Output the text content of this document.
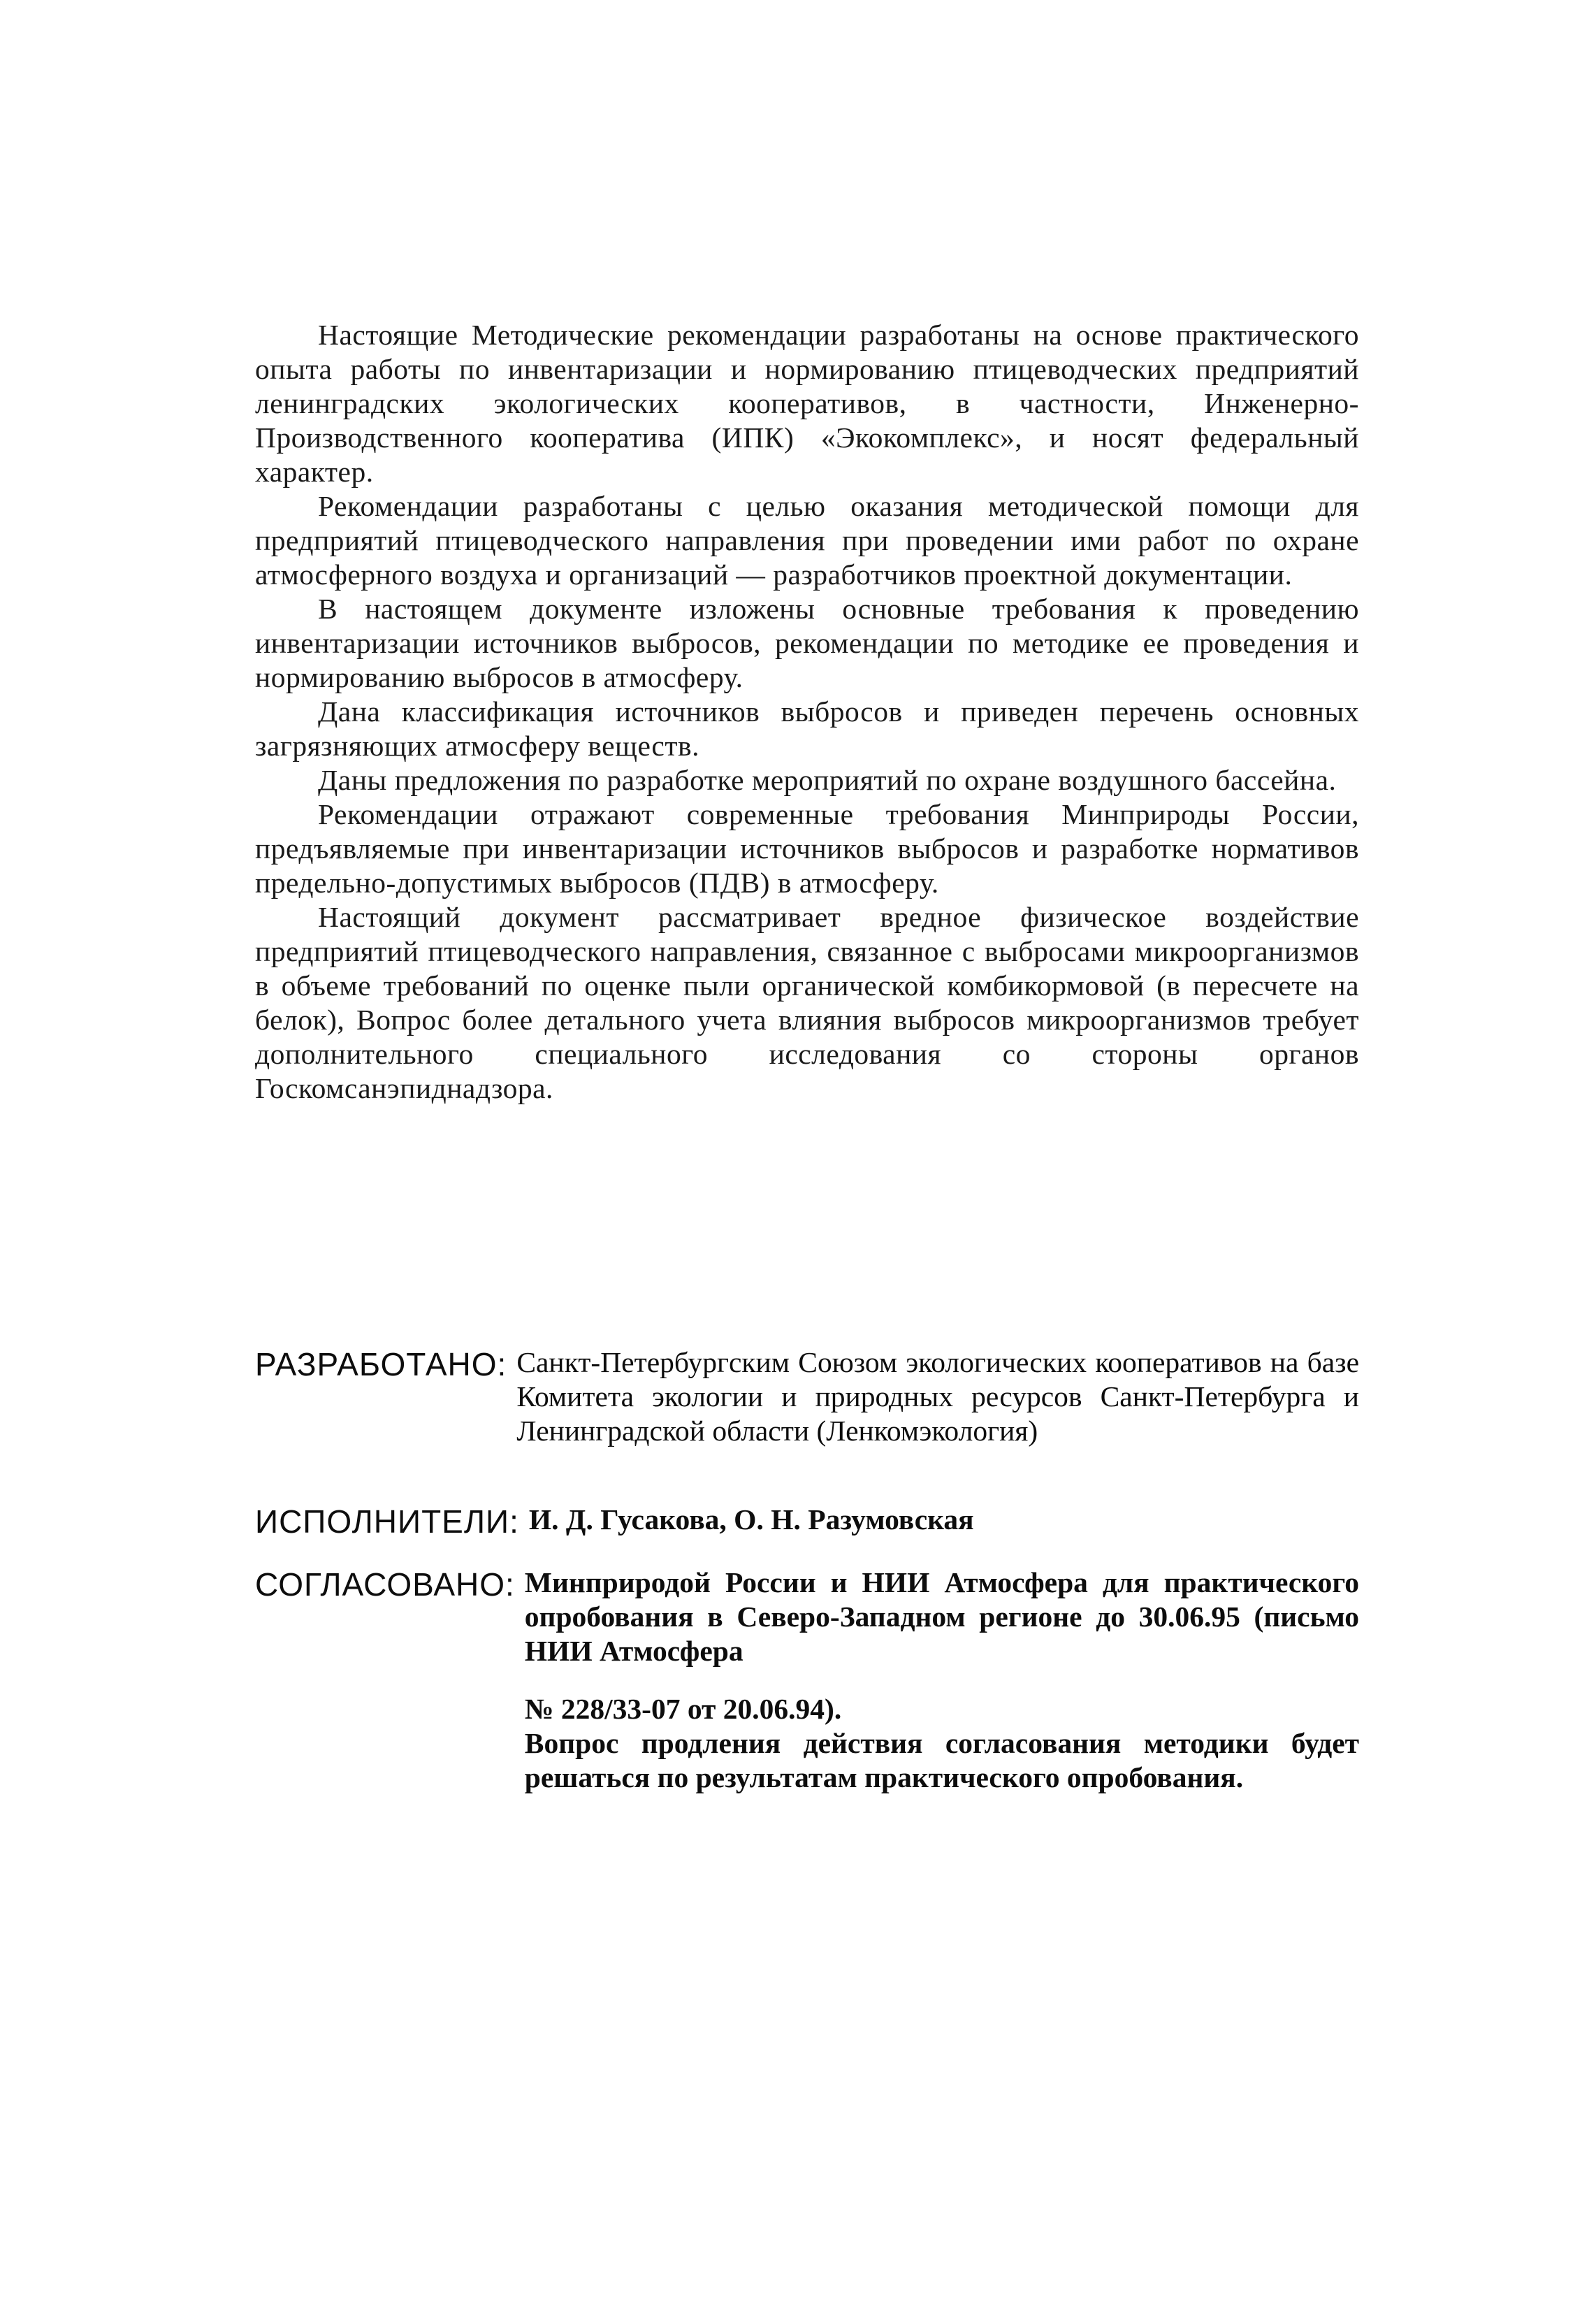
Настоящие Методические рекомендации разработаны на основе практического опыта работы по инвентаризации и нормированию птицеводческих предприятий ленинградских экологических кооперативов, в частности, Инженерно-Производственного кооператива (ИПК) «Экокомплекс», и носят федеральный характер.

Рекомендации разработаны с целью оказания методической помощи для предприятий птицеводческого направления при проведении ими работ по охране атмосферного воздуха и организаций — разработчиков проектной документации.

В настоящем документе изложены основные требования к проведению инвентаризации источников выбросов, рекомендации по методике ее проведения и нормированию выбросов в атмосферу.

Дана классификация источников выбросов и приведен перечень основных загрязняющих атмосферу веществ.

Даны предложения по разработке мероприятий по охране воздушного бассейна.

Рекомендации отражают современные требования Минприроды России, предъявляемые при инвентаризации источников выбросов и разработке нормативов предельно-допустимых выбросов (ПДВ) в атмосферу.

Настоящий документ рассматривает вредное физическое воздействие предприятий птицеводческого направления, связанное с выбросами микроорганизмов в объеме требований по оценке пыли органической комбикормовой (в пересчете на белок), Вопрос более детального учета влияния выбросов микроорганизмов требует дополнительного специального исследования со стороны органов Госкомсанэпиднадзора.

РАЗРАБОТАНО: Санкт-Петербургским Союзом экологических кооперативов на базе Комитета экологии и природных ресурсов Санкт-Петербурга и Ленинградской области (Ленкомэкология)
ИСПОЛНИТЕЛИ: И. Д. Гусакова, О. Н. Разумовская
СОГЛАСОВАНО: Минприродой России и НИИ Атмосфера для практического опробования в Северо-Западном регионе до 30.06.95 (письмо НИИ Атмосфера
№ 228/33-07 от 20.06.94).
Вопрос продления действия согласования методики будет решаться по результатам практического опробования.
